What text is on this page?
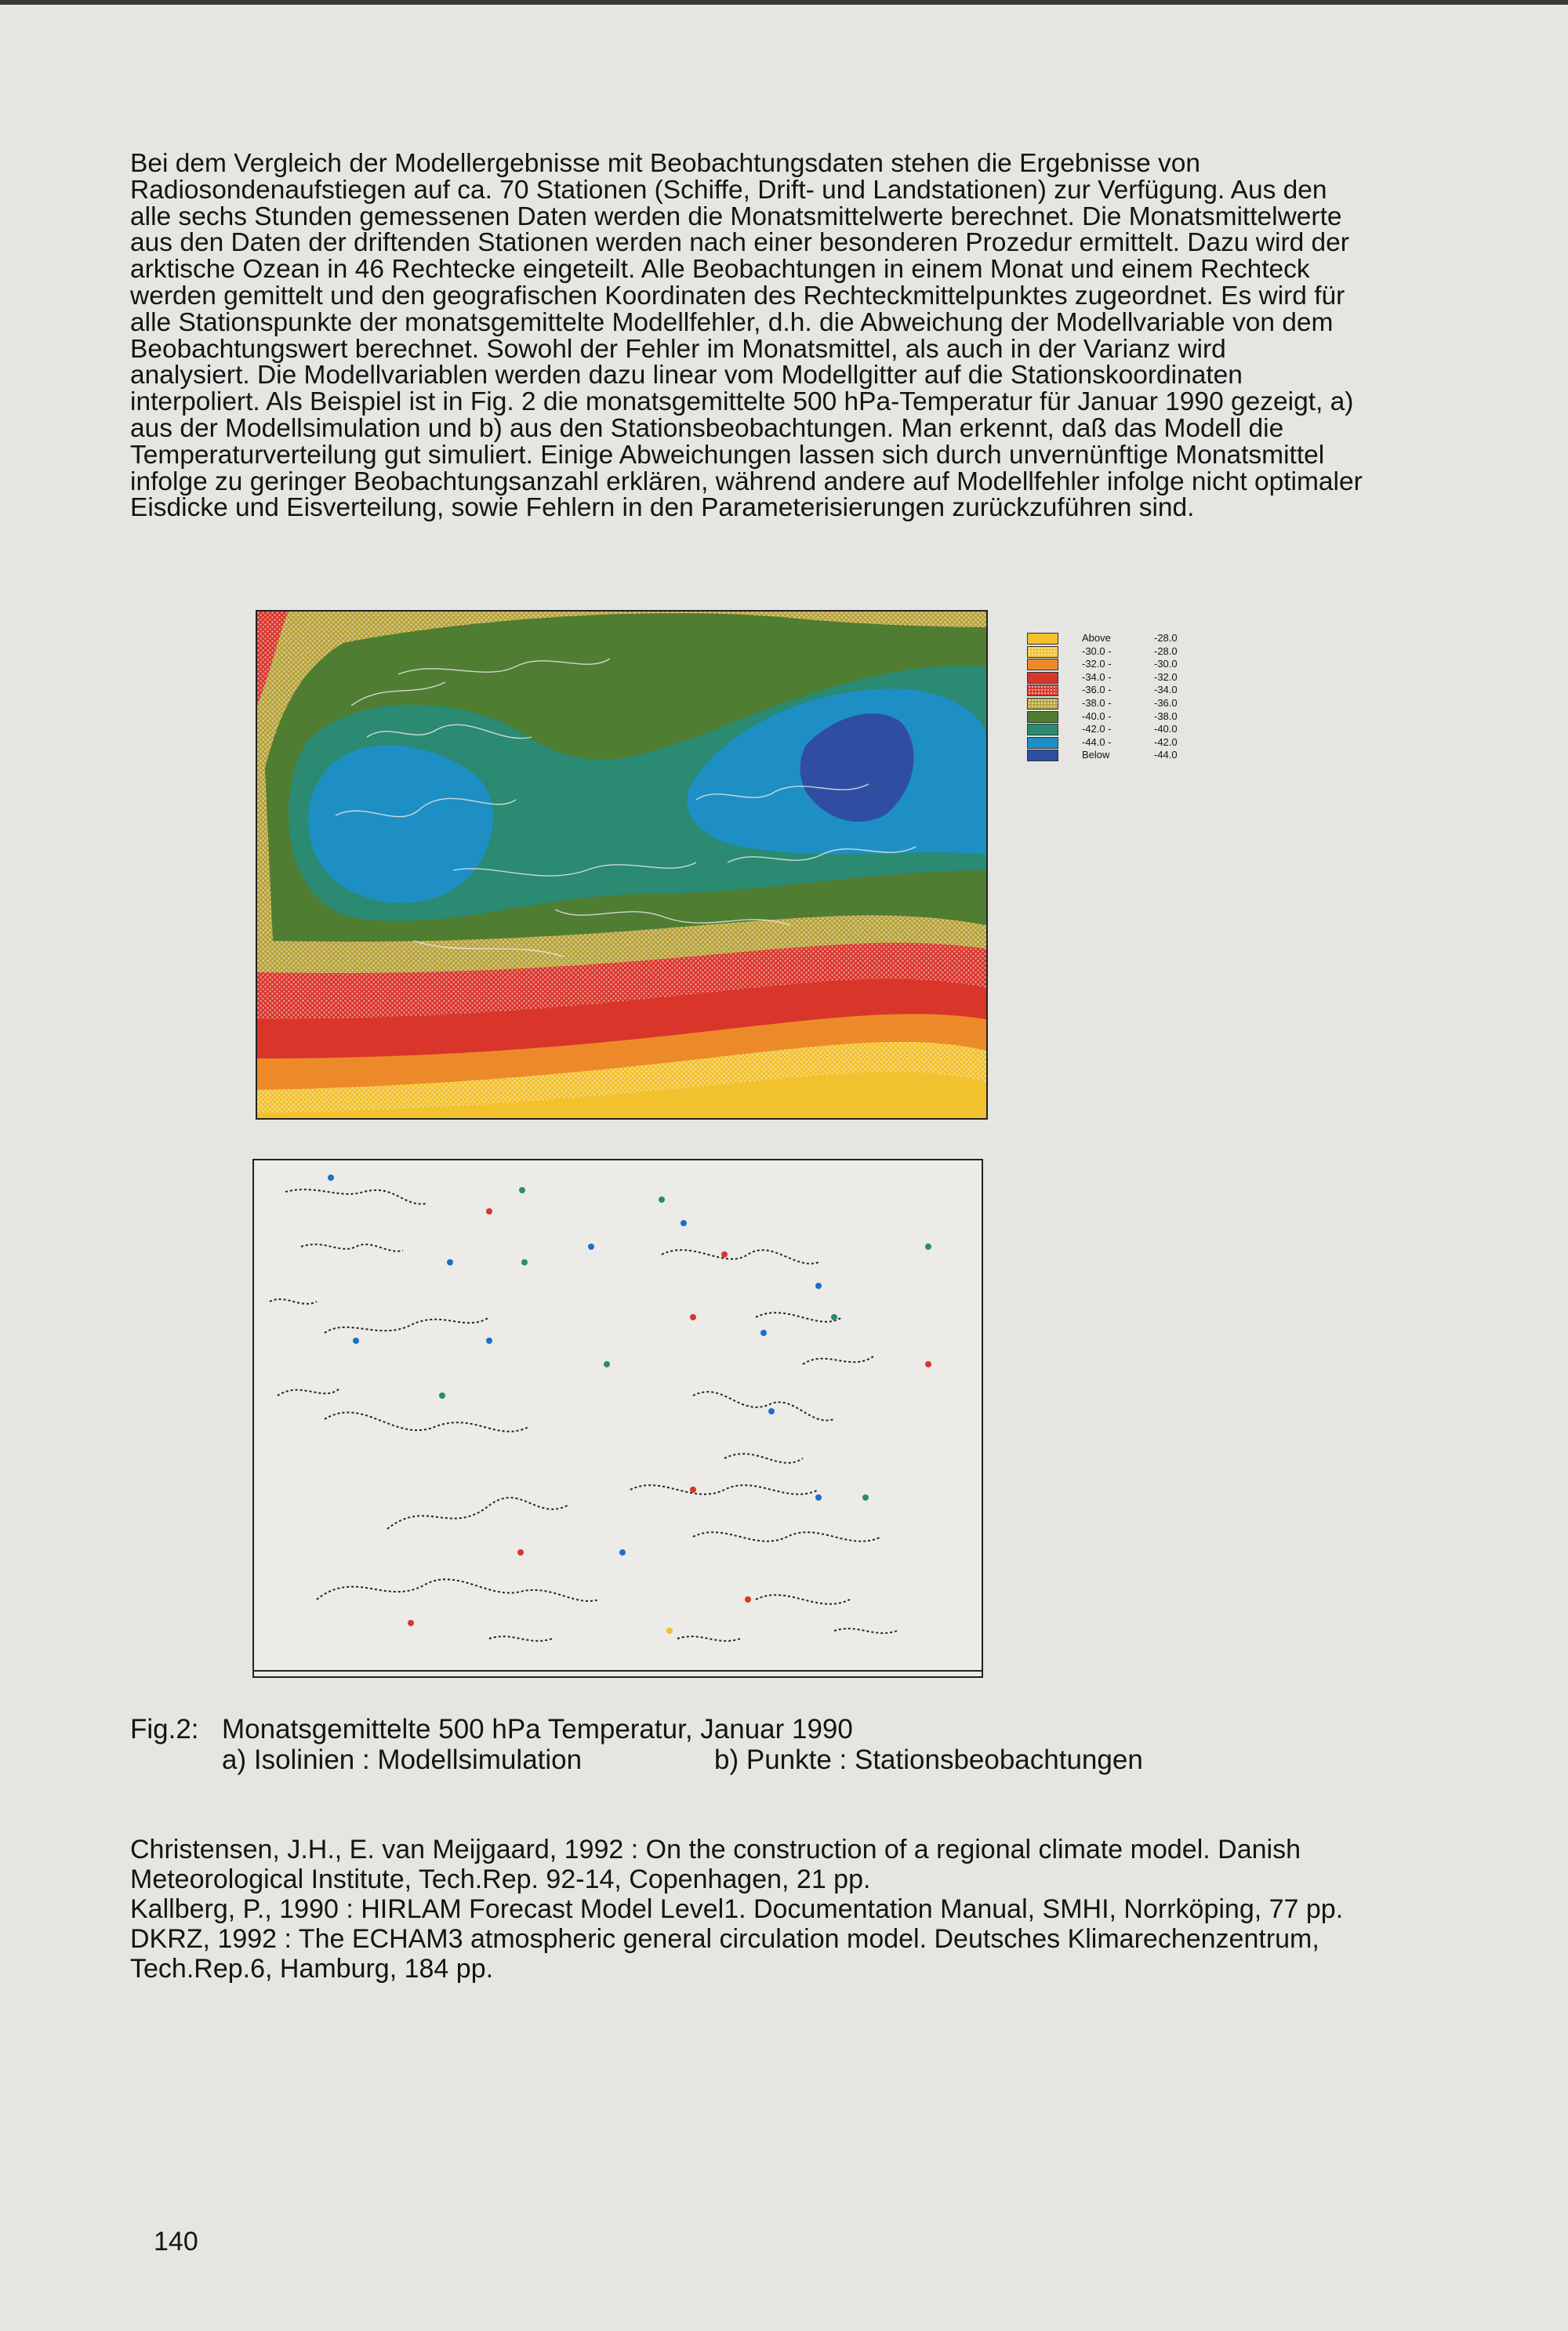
Bei dem Vergleich der Modellergebnisse mit Beobachtungsdaten stehen die Ergebnisse von
Radiosondenaufstiegen auf ca. 70 Stationen (Schiffe, Drift- und Landstationen) zur Verfügung. Aus den
alle sechs Stunden gemessenen Daten werden die Monatsmittelwerte berechnet. Die Monatsmittelwerte
aus den Daten der driftenden Stationen werden nach einer besonderen Prozedur ermittelt. Dazu wird der
arktische Ozean in 46 Rechtecke eingeteilt. Alle Beobachtungen in einem Monat und einem Rechteck
werden gemittelt und den geografischen Koordinaten des Rechteckmittelpunktes zugeordnet. Es wird für
alle Stationspunkte der monatsgemittelte Modellfehler, d.h. die Abweichung der Modellvariable von dem
Beobachtungswert berechnet. Sowohl der Fehler im Monatsmittel, als auch in der Varianz wird
analysiert. Die Modellvariablen werden dazu linear vom Modellgitter auf die Stationskoordinaten
interpoliert. Als Beispiel ist in Fig. 2 die monatsgemittelte 500 hPa-Temperatur für Januar 1990 gezeigt, a)
aus der Modellsimulation und b) aus den Stationsbeobachtungen. Man erkennt, daß das Modell die
Temperaturverteilung gut simuliert. Einige Abweichungen lassen sich durch unvernünftige Monatsmittel
infolge zu geringer Beobachtungsanzahl erklären, während andere auf Modellfehler infolge nicht optimaler
Eisdicke und Eisverteilung, sowie Fehlern in den Parameterisierungen zurückzuführen sind.
Above	-28.0
-30.0 -	-28.0
-32.0 -	-30.0
-34.0 -	-32.0
-36.0 -	-34.0
-38.0 -	-36.0
-40.0 -	-38.0
-42.0 -	-40.0
-44.0 -	-42.0
Below	-44.0
Fig.2: Monatsgemittelte 500 hPa Temperatur, Januar 1990
a) Isolinien : Modellsimulation	b) Punkte : Stationsbeobachtungen
Christensen, J.H., E. van Meijgaard, 1992 : On the construction of a regional climate model. Danish
Meteorological Institute, Tech.Rep. 92-14, Copenhagen, 21 pp.
Kallberg, P., 1990 : HIRLAM Forecast Model Level1. Documentation Manual, SMHI, Norrköping, 77 pp.
DKRZ, 1992 : The ECHAM3 atmospheric general circulation model. Deutsches Klimarechenzentrum,
Tech.Rep.6, Hamburg, 184 pp.
140
